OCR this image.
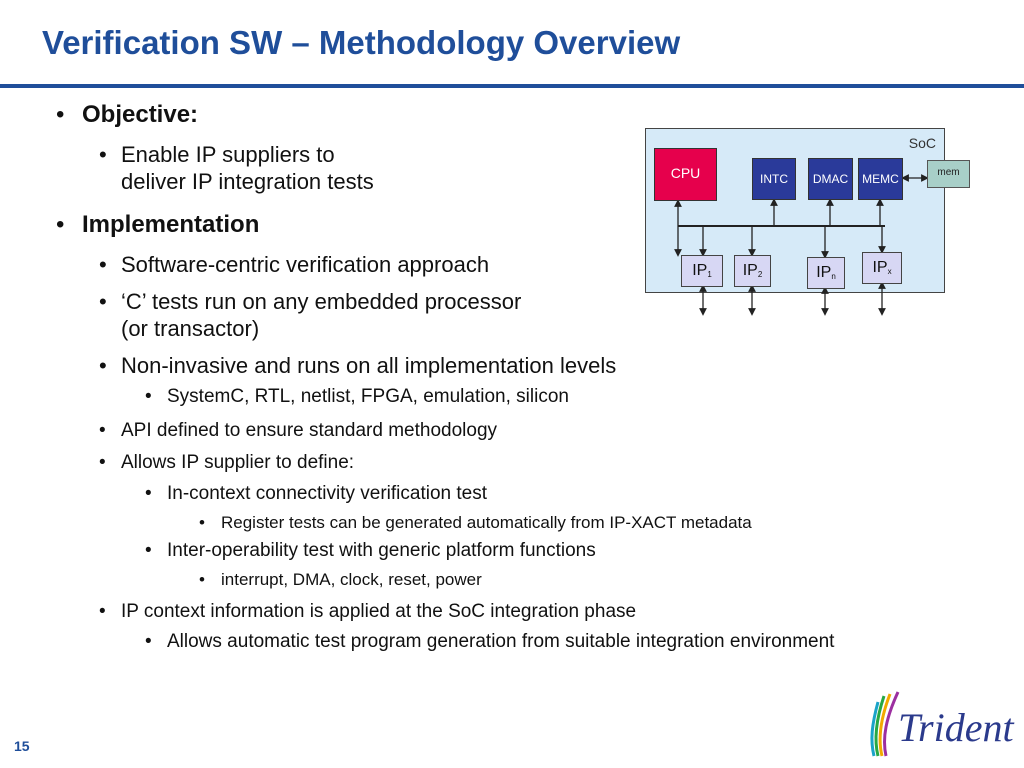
Verification SW – Methodology Overview
• Objective:
• Enable IP suppliers to
deliver IP integration tests
• Implementation
• Software-centric verification approach
• ‘C’ tests run on any embedded processor
(or transactor)
• Non-invasive and runs on all implementation levels
• SystemC, RTL, netlist, FPGA, emulation, silicon
• API defined to ensure standard methodology
• Allows IP supplier to define:
• In-context connectivity verification test
• Register tests can be generated automatically from IP-XACT metadata
• Inter-operability test with generic platform functions
• interrupt, DMA, clock, reset, power
• IP context information is applied at the SoC integration phase
• Allows automatic test program generation from suitable integration environment
SoC
CPU	INTC	DMAC	MEMC	mem
$IP_1$ $IP_2$	$IP_n$ $IP_x$
15	Trident
